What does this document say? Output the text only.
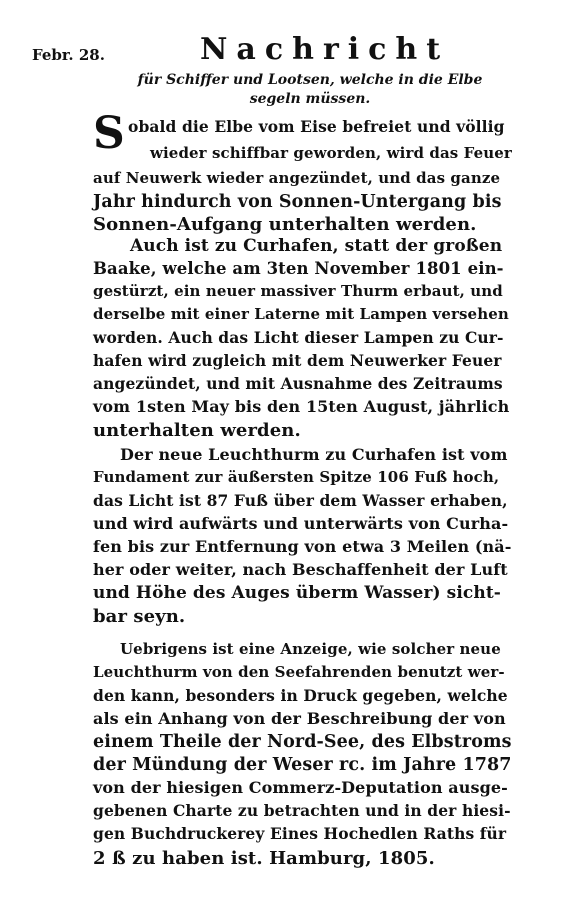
Febr. 28.	Nachricht
für Schiffer und Lootsen, welche in die Elbe
segeln müssen.
S obald die Elbe vom Eise befreiet und völlig
wieder schiffbar geworden, wird das Feuer
auf Neuwerk wieder angezündet, und das ganze
Jahr hindurch von Sonnen-Untergang bis
Sonnen-Aufgang unterhalten werden.
Auch ist zu Curhafen, statt der großen
Baake, welche am 3ten November 1801 ein-
gestürzt, ein neuer massiver Thurm erbaut, und
derselbe mit einer Laterne mit Lampen versehen
worden. Auch das Licht dieser Lampen zu Cur-
hafen wird zugleich mit dem Neuwerker Feuer
angezündet, und mit Ausnahme des Zeitraums
vom 1sten May bis den 15ten August, jährlich
unterhalten werden.
Der neue Leuchthurm zu Curhafen ist vom
Fundament zur äußersten Spitze 106 Fuß hoch,
das Licht ist 87 Fuß über dem Wasser erhaben,
und wird aufwärts und unterwärts von Curha-
fen bis zur Entfernung von etwa 3 Meilen (nä-
her oder weiter, nach Beschaffenheit der Luft
und Höhe des Auges überm Wasser) sicht-
bar seyn.
Uebrigens ist eine Anzeige, wie solcher neue
Leuchthurm von den Seefahrenden benutzt wer-
den kann, besonders in Druck gegeben, welche
als ein Anhang von der Beschreibung der von
einem Theile der Nord-See, des Elbstroms
der Mündung der Weser rc. im Jahre 1787
von der hiesigen Commerz-Deputation ausge-
gebenen Charte zu betrachten und in der hiesi-
gen Buchdruckerey Eines Hochedlen Raths für
2 ß zu haben ist. Hamburg, 1805.
